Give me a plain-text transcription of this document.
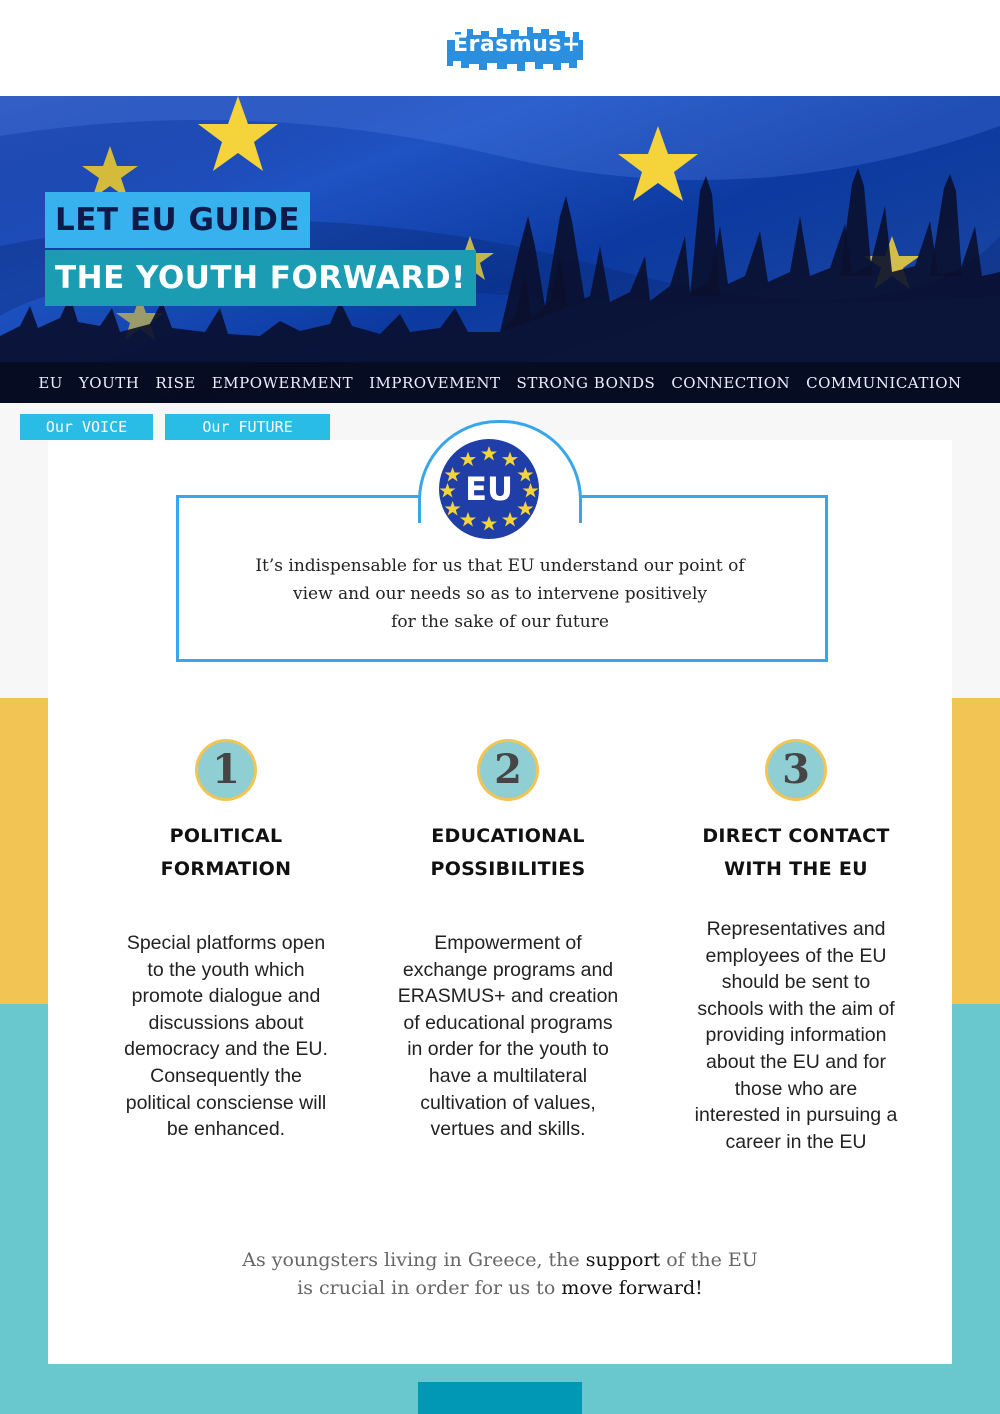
Erasmus+
LET EU GUIDE
THE YOUTH FORWARD!
EU YOUTH RISE EMPOWERMENT IMPROVEMENT STRONG BONDS CONNECTION COMMUNICATION
Our VOICE	Our FUTURE
EU
It’s indispensable for us that EU understand our point of
view and our needs so as to intervene positively
for the sake of our future
1
POLITICAL
FORMATION
Special platforms open
to the youth which
promote dialogue and
discussions about
democracy and the EU.
Consequently the
political consciense will
be enhanced.
2
EDUCATIONAL
POSSIBILITIES
Empowerment of
exchange programs and
ERASMUS+ and creation
of educational programs
in order for the youth to
have a multilateral
cultivation of values,
vertues and skills.
3
DIRECT CONTACT
WITH THE EU
Representatives and
employees of the EU
should be sent to
schools with the aim of
providing information
about the EU and for
those who are
interested in pursuing a
career in the EU
As youngsters living in Greece, the support of the EU
is crucial in order for us to move forward!
